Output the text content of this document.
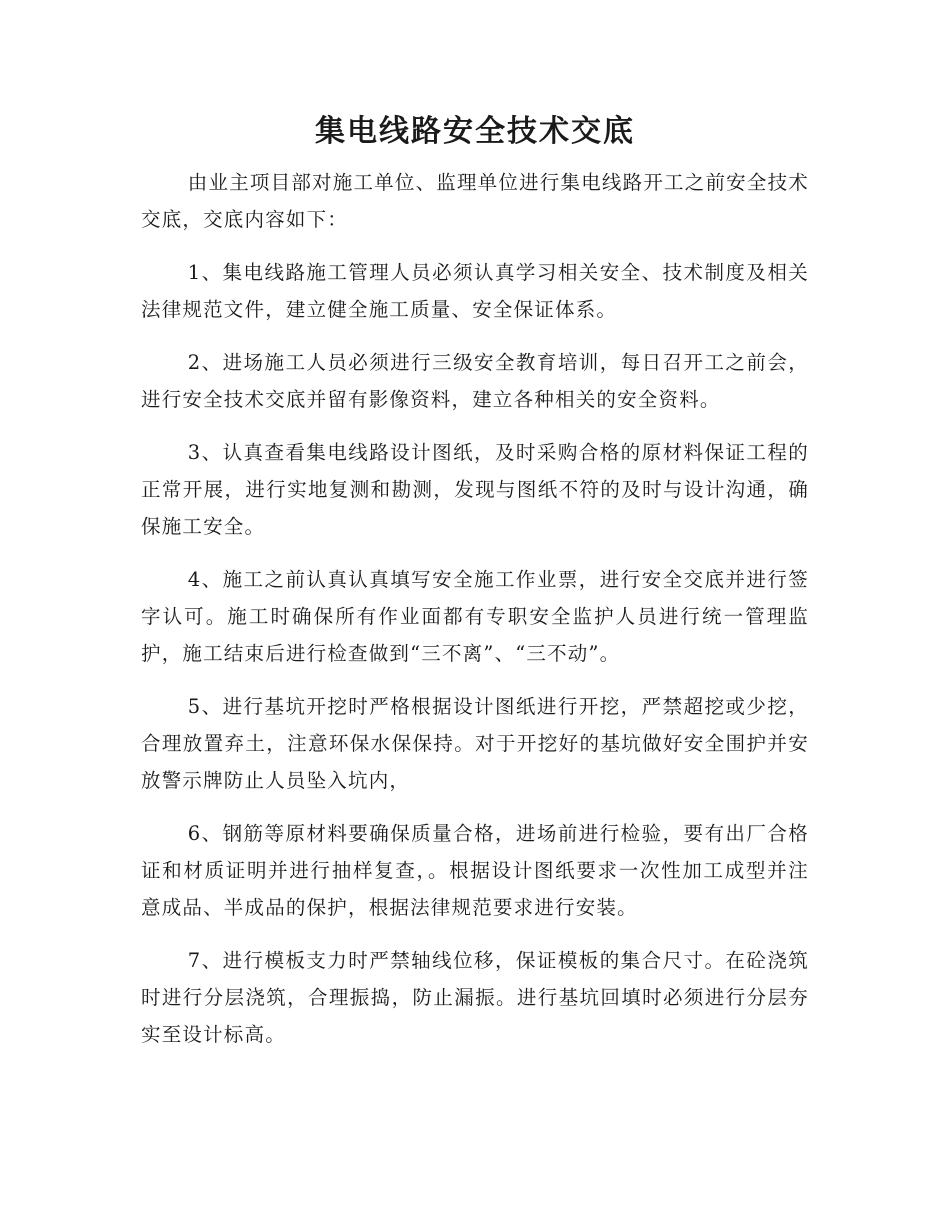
集电线路安全技术交底

由业主项目部对施工单位、监理单位进行集电线路开工之前安全技术交底，交底内容如下：

1、集电线路施工管理人员必须认真学习相关安全、技术制度及相关法律规范文件，建立健全施工质量、安全保证体系。

2、进场施工人员必须进行三级安全教育培训，每日召开工之前会，进行安全技术交底并留有影像资料，建立各种相关的安全资料。

3、认真查看集电线路设计图纸，及时采购合格的原材料保证工程的正常开展，进行实地复测和勘测，发现与图纸不符的及时与设计沟通，确保施工安全。

4、施工之前认真认真填写安全施工作业票，进行安全交底并进行签字认可。施工时确保所有作业面都有专职安全监护人员进行统一管理监护，施工结束后进行检查做到“三不离”、“三不动”。

5、进行基坑开挖时严格根据设计图纸进行开挖，严禁超挖或少挖，合理放置弃土，注意环保水保保持。对于开挖好的基坑做好安全围护并安放警示牌防止人员坠入坑内，

6、钢筋等原材料要确保质量合格，进场前进行检验，要有出厂合格证和材质证明并进行抽样复查，。根据设计图纸要求一次性加工成型并注意成品、半成品的保护，根据法律规范要求进行安装。

7、进行模板支力时严禁轴线位移，保证模板的集合尺寸。在砼浇筑时进行分层浇筑，合理振捣，防止漏振。进行基坑回填时必须进行分层夯实至设计标高。
